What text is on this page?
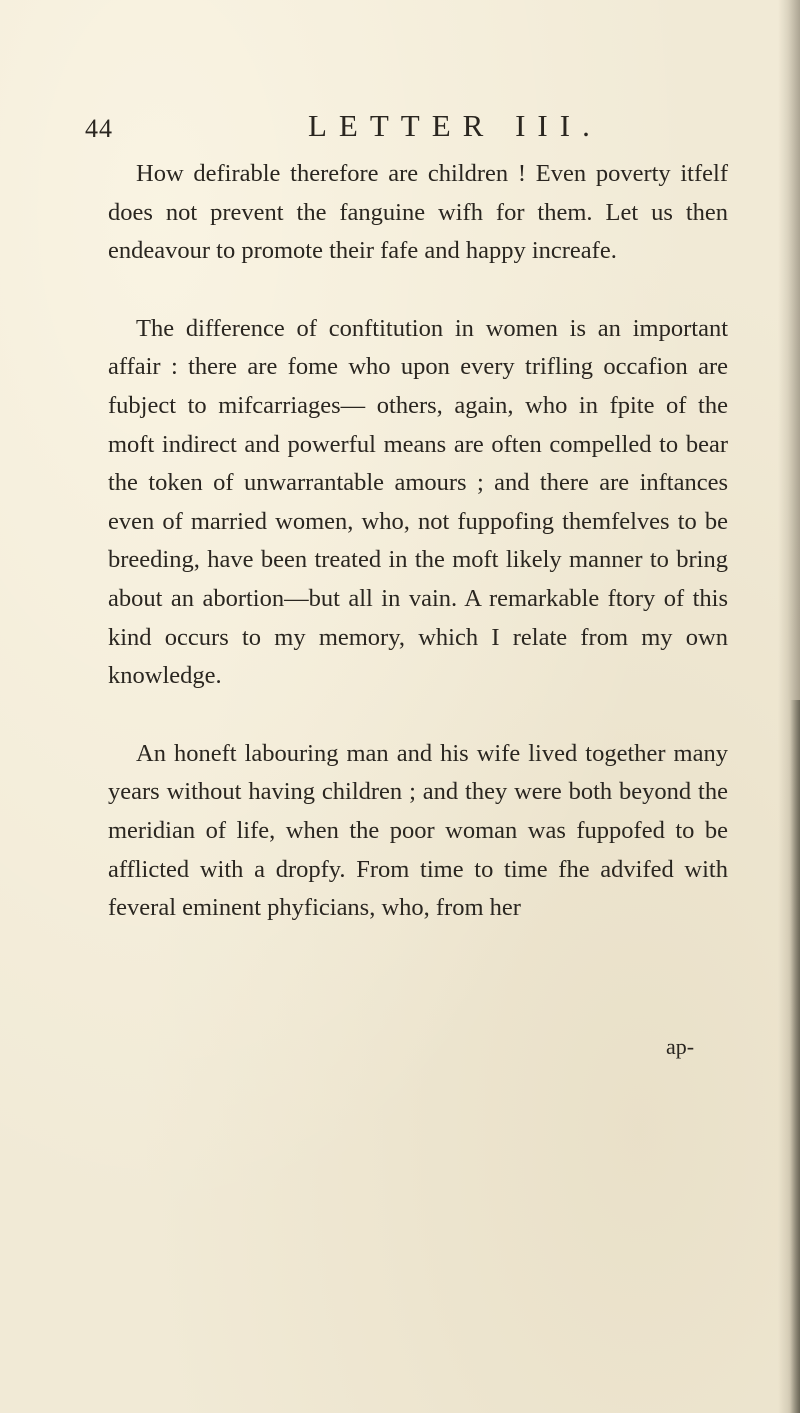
44	LETTER III.

How defirable therefore are children ! Even poverty itfelf does not prevent the fanguine wifh for them. Let us then endeavour to promote their fafe and happy increafe.

The difference of conftitution in women is an important affair : there are fome who upon every trifling occafion are fubject to mifcarriages— others, again, who in fpite of the moft indirect and powerful means are often compelled to bear the token of unwarrantable amours ; and there are inftances even of married women, who, not fuppofing themfelves to be breeding, have been treated in the moft likely manner to bring about an abortion—but all in vain. A remarkable ftory of this kind occurs to my memory, which I relate from my own knowledge.

An honeft labouring man and his wife lived together many years without having children ; and they were both beyond the meridian of life, when the poor woman was fuppofed to be afflicted with a dropfy. From time to time fhe advifed with feveral eminent phyficians, who, from her

ap-
